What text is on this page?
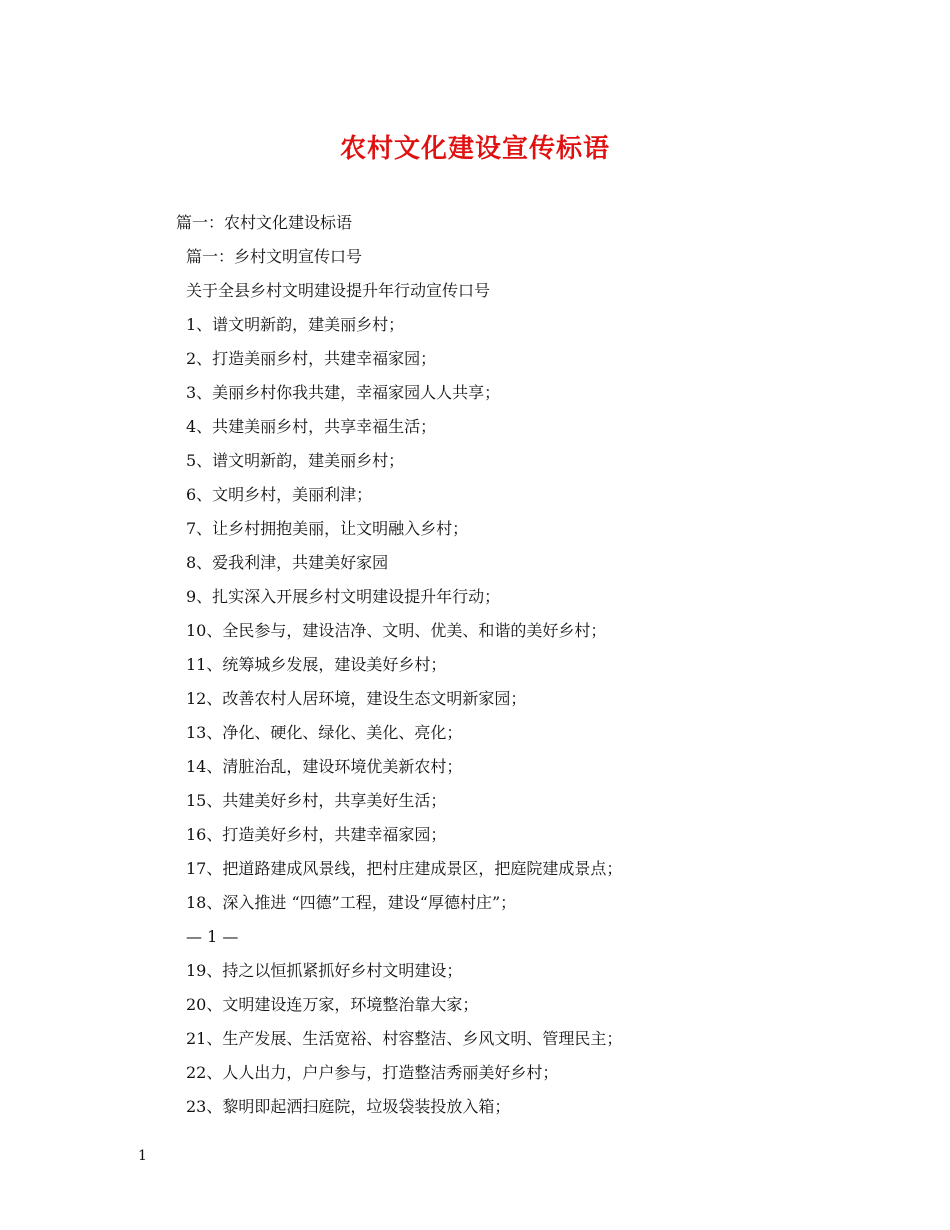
农村文化建设宣传标语
篇一：农村文化建设标语
篇一：乡村文明宣传口号
关于全县乡村文明建设提升年行动宣传口号
1、谱文明新韵，建美丽乡村；
2、打造美丽乡村，共建幸福家园；
3、美丽乡村你我共建，幸福家园人人共享；
4、共建美丽乡村，共享幸福生活；
5、谱文明新韵，建美丽乡村；
6、文明乡村，美丽利津；
7、让乡村拥抱美丽，让文明融入乡村；
8、爱我利津，共建美好家园
9、扎实深入开展乡村文明建设提升年行动；
10、全民参与，建设洁净、文明、优美、和谐的美好乡村；
11、统筹城乡发展，建设美好乡村；
12、改善农村人居环境，建设生态文明新家园；
13、净化、硬化、绿化、美化、亮化；
14、清脏治乱，建设环境优美新农村；
15、共建美好乡村，共享美好生活；
16、打造美好乡村，共建幸福家园；
17、把道路建成风景线，把村庄建成景区，把庭院建成景点；
18、深入推进 “四德”工程，建设“厚德村庄”；
— 1 —
19、持之以恒抓紧抓好乡村文明建设；
20、文明建设连万家，环境整治靠大家；
21、生产发展、生活宽裕、村容整洁、乡风文明、管理民主；
22、人人出力，户户参与，打造整洁秀丽美好乡村；
23、黎明即起洒扫庭院，垃圾袋装投放入箱；

1
